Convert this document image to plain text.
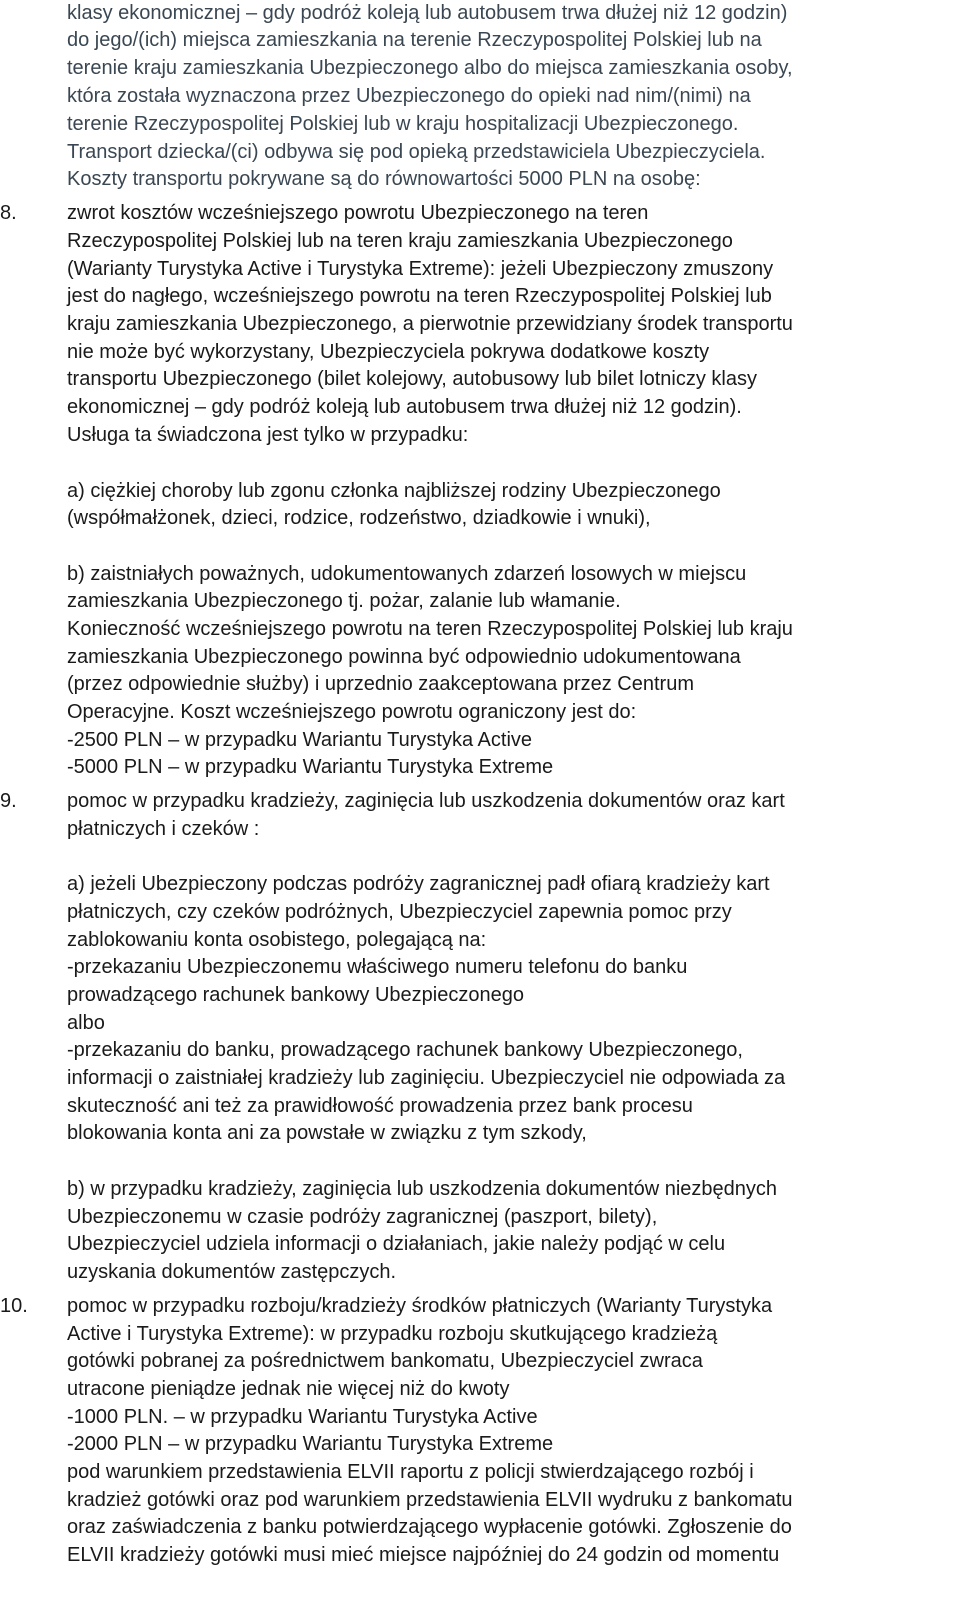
klasy ekonomicznej – gdy podróż koleją lub autobusem trwa dłużej niż 12 godzin)
do jego/(ich) miejsca zamieszkania na terenie Rzeczypospolitej Polskiej lub na
terenie kraju zamieszkania Ubezpieczonego albo do miejsca zamieszkania osoby,
która została wyznaczona przez Ubezpieczonego do opieki nad nim/(nimi) na
terenie Rzeczypospolitej Polskiej lub w kraju hospitalizacji Ubezpieczonego.
Transport dziecka/(ci) odbywa się pod opieką przedstawiciela Ubezpieczyciela.
Koszty transportu pokrywane są do równowartości 5000 PLN na osobę:
8.	zwrot kosztów wcześniejszego powrotu Ubezpieczonego na teren
Rzeczypospolitej Polskiej lub na teren kraju zamieszkania Ubezpieczonego
(Warianty Turystyka Active i Turystyka Extreme): jeżeli Ubezpieczony zmuszony
jest do nagłego, wcześniejszego powrotu na teren Rzeczypospolitej Polskiej lub
kraju zamieszkania Ubezpieczonego, a pierwotnie przewidziany środek transportu
nie może być wykorzystany, Ubezpieczyciela pokrywa dodatkowe koszty
transportu Ubezpieczonego (bilet kolejowy, autobusowy lub bilet lotniczy klasy
ekonomicznej – gdy podróż koleją lub autobusem trwa dłużej niż 12 godzin).
Usługa ta świadczona jest tylko w przypadku:
a) ciężkiej choroby lub zgonu członka najbliższej rodziny Ubezpieczonego
(współmałżonek, dzieci, rodzice, rodzeństwo, dziadkowie i wnuki),
b) zaistniałych poważnych, udokumentowanych zdarzeń losowych w miejscu
zamieszkania Ubezpieczonego tj. pożar, zalanie lub włamanie.
Konieczność wcześniejszego powrotu na teren Rzeczypospolitej Polskiej lub kraju
zamieszkania Ubezpieczonego powinna być odpowiednio udokumentowana
(przez odpowiednie służby) i uprzednio zaakceptowana przez Centrum
Operacyjne. Koszt wcześniejszego powrotu ograniczony jest do:
-2500 PLN – w przypadku Wariantu Turystyka Active
-5000 PLN – w przypadku Wariantu Turystyka Extreme
9.	pomoc w przypadku kradzieży, zaginięcia lub uszkodzenia dokumentów oraz kart
płatniczych i czeków :
a) jeżeli Ubezpieczony podczas podróży zagranicznej padł ofiarą kradzieży kart
płatniczych, czy czeków podróżnych, Ubezpieczyciel zapewnia pomoc przy
zablokowaniu konta osobistego, polegającą na:
-przekazaniu Ubezpieczonemu właściwego numeru telefonu do banku
prowadzącego rachunek bankowy Ubezpieczonego
albo
-przekazaniu do banku, prowadzącego rachunek bankowy Ubezpieczonego,
informacji o zaistniałej kradzieży lub zaginięciu. Ubezpieczyciel nie odpowiada za
skuteczność ani też za prawidłowość prowadzenia przez bank procesu
blokowania konta ani za powstałe w związku z tym szkody,
b) w przypadku kradzieży, zaginięcia lub uszkodzenia dokumentów niezbędnych
Ubezpieczonemu w czasie podróży zagranicznej (paszport, bilety),
Ubezpieczyciel udziela informacji o działaniach, jakie należy podjąć w celu
uzyskania dokumentów zastępczych.
10. pomoc w przypadku rozboju/kradzieży środków płatniczych (Warianty Turystyka
Active i Turystyka Extreme): w przypadku rozboju skutkującego kradzieżą
gotówki pobranej za pośrednictwem bankomatu, Ubezpieczyciel zwraca
utracone pieniądze jednak nie więcej niż do kwoty
-1000 PLN. – w przypadku Wariantu Turystyka Active
-2000 PLN – w przypadku Wariantu Turystyka Extreme
pod warunkiem przedstawienia ELVII raportu z policji stwierdzającego rozbój i
kradzież gotówki oraz pod warunkiem przedstawienia ELVII wydruku z bankomatu
oraz zaświadczenia z banku potwierdzającego wypłacenie gotówki. Zgłoszenie do
ELVII kradzieży gotówki musi mieć miejsce najpóźniej do 24 godzin od momentu
